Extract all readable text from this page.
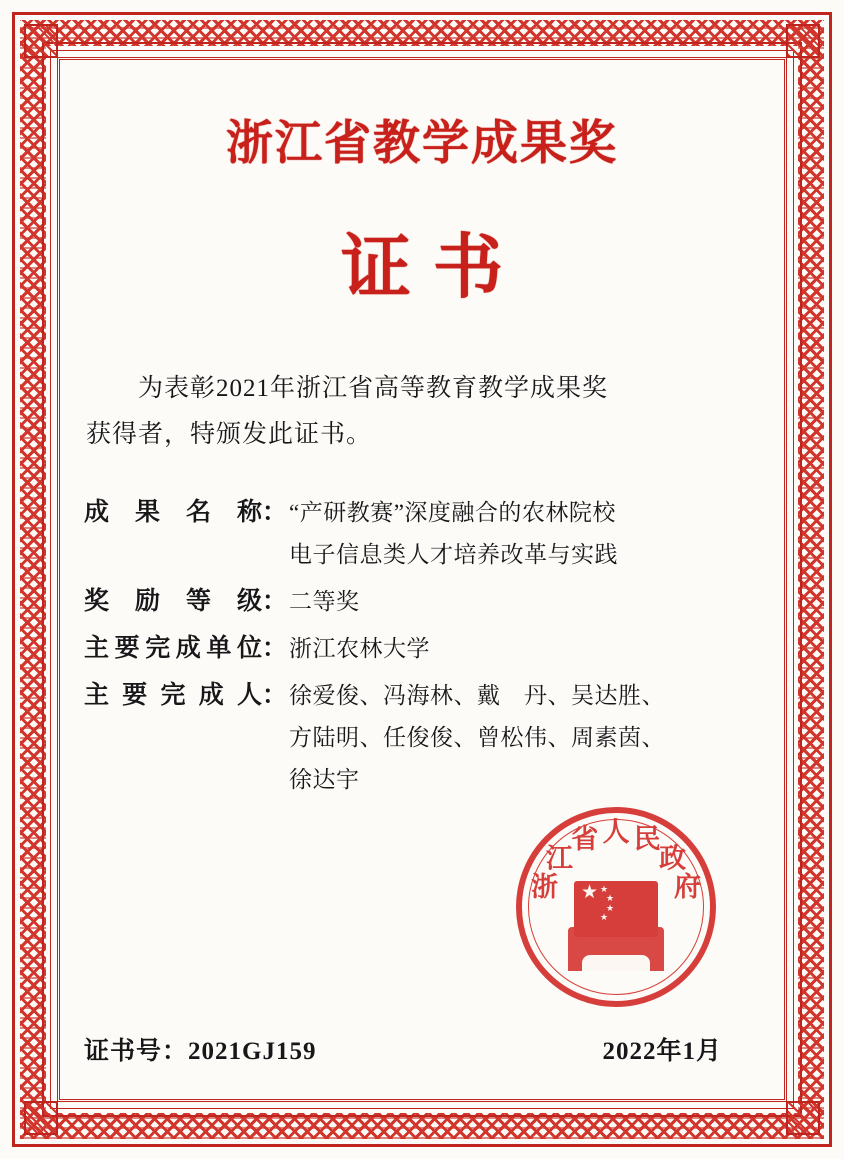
浙江省教学成果奖
证书
为表彰2021年浙江省高等教育教学成果奖
获得者，特颁发此证书。
成果名称 ： “产研教赛”深度融合的农林院校
电子信息类人才培养改革与实践
奖励等级 ： 二等奖
主要完成单位 ： 浙江农林大学
主要完成人 ： 徐爱俊、冯海林、戴　丹、吴达胜、
方陆明、任俊俊、曾松伟、周素茵、
徐达宇
浙
江
省 人 民
政
府
★ ★
★
★
★
证书号：2021GJ159	2022年1月
